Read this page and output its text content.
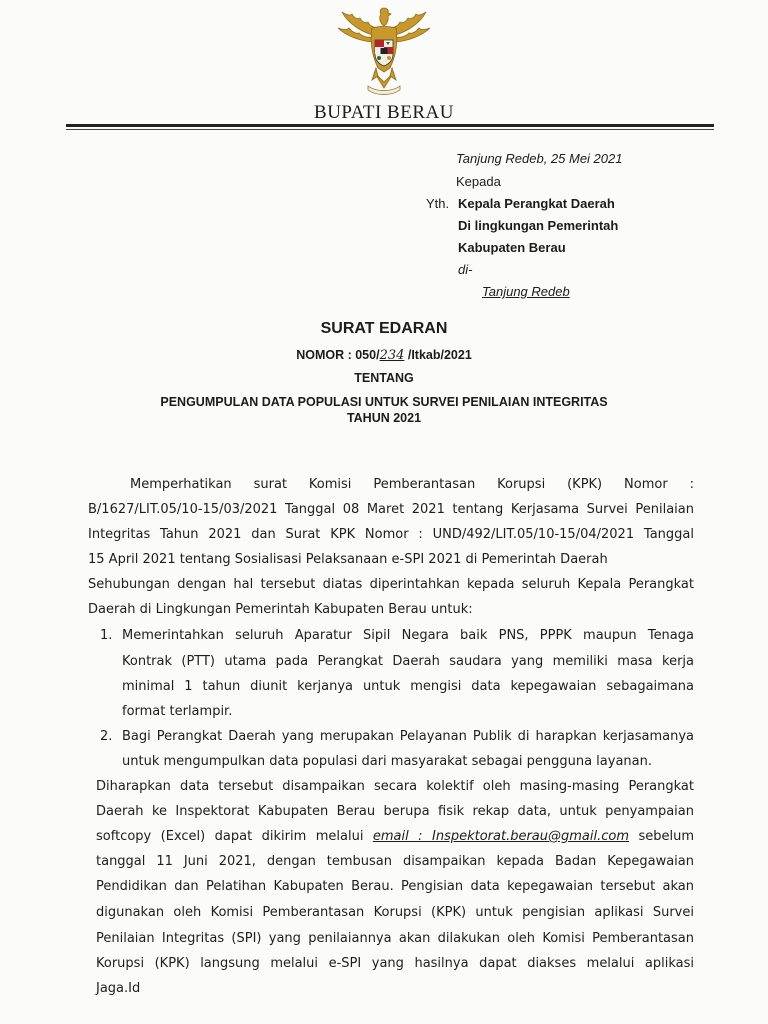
BUPATI BERAU
Tanjung Redeb, 25 Mei 2021
Kepada
Yth. Kepala Perangkat Daerah
Di lingkungan Pemerintah
Kabupaten Berau
di-
Tanjung Redeb
SURAT EDARAN
NOMOR : 050/234 /Itkab/2021
TENTANG
PENGUMPULAN DATA POPULASI UNTUK SURVEI PENILAIAN INTEGRITAS
TAHUN 2021
Memperhatikan surat Komisi Pemberantasan Korupsi (KPK) Nomor :
B/1627/LIT.05/10-15/03/2021 Tanggal 08 Maret 2021 tentang Kerjasama Survei Penilaian
Integritas Tahun 2021 dan Surat KPK Nomor : UND/492/LIT.05/10-15/04/2021 Tanggal
15 April 2021 tentang Sosialisasi Pelaksanaan e-SPI 2021 di Pemerintah Daerah
Sehubungan dengan hal tersebut diatas diperintahkan kepada seluruh Kepala Perangkat
Daerah di Lingkungan Pemerintah Kabupaten Berau untuk:
1. Memerintahkan seluruh Aparatur Sipil Negara baik PNS, PPPK maupun Tenaga
Kontrak (PTT) utama pada Perangkat Daerah saudara yang memiliki masa kerja
minimal 1 tahun diunit kerjanya untuk mengisi data kepegawaian sebagaimana
format terlampir.
2. Bagi Perangkat Daerah yang merupakan Pelayanan Publik di harapkan kerjasamanya
untuk mengumpulkan data populasi dari masyarakat sebagai pengguna layanan.
Diharapkan data tersebut disampaikan secara kolektif oleh masing-masing Perangkat
Daerah ke Inspektorat Kabupaten Berau berupa fisik rekap data, untuk penyampaian
softcopy (Excel) dapat dikirim melalui email : Inspektorat.berau@gmail.com sebelum
tanggal 11 Juni 2021, dengan tembusan disampaikan kepada Badan Kepegawaian
Pendidikan dan Pelatihan Kabupaten Berau. Pengisian data kepegawaian tersebut akan
digunakan oleh Komisi Pemberantasan Korupsi (KPK) untuk pengisian aplikasi Survei
Penilaian Integritas (SPI) yang penilaiannya akan dilakukan oleh Komisi Pemberantasan
Korupsi (KPK) langsung melalui e-SPI yang hasilnya dapat diakses melalui aplikasi
Jaga.Id
